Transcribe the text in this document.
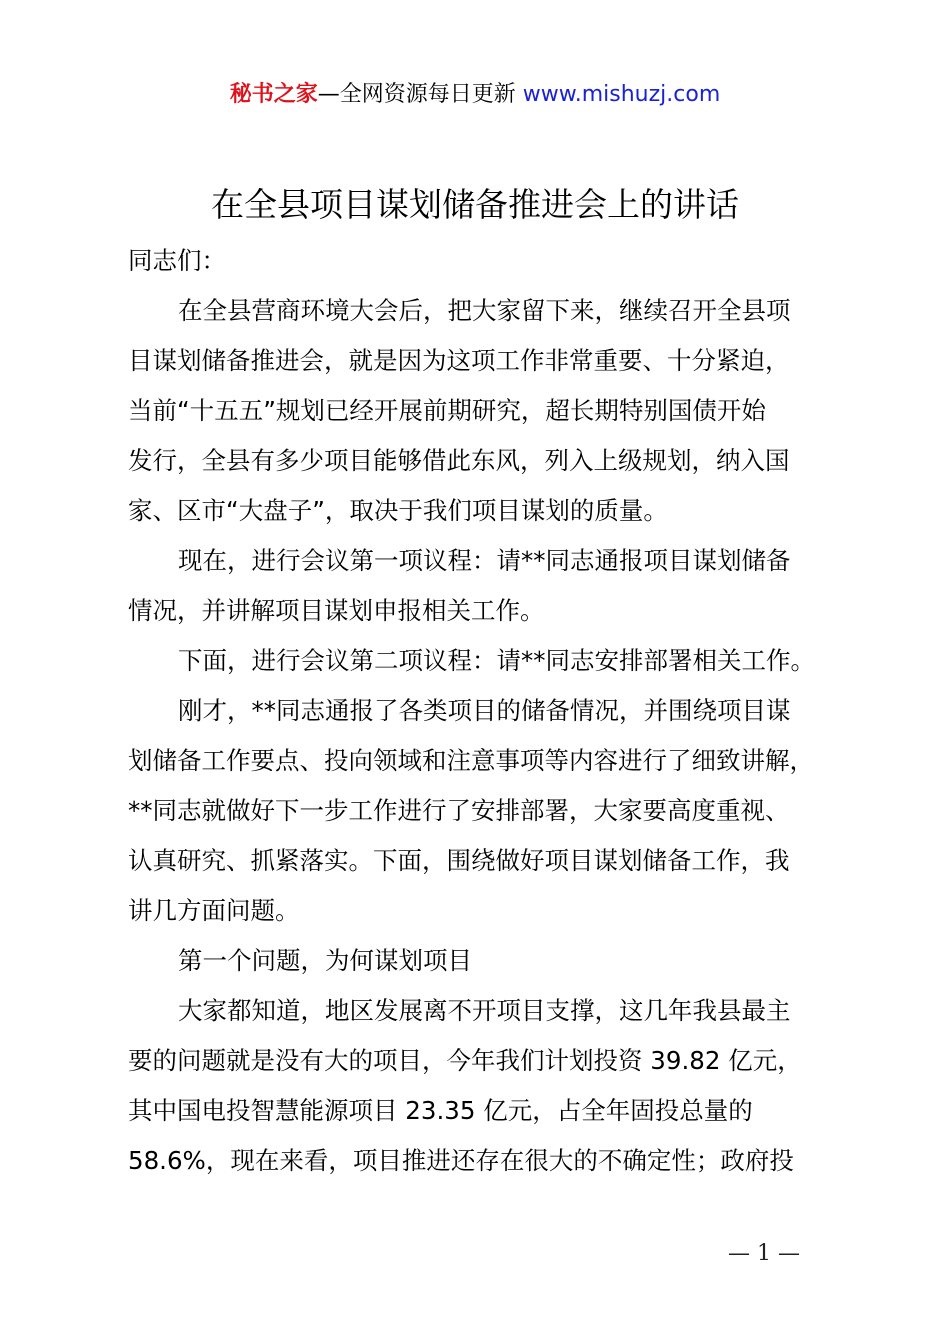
秘书之家—全网资源每日更新 www.mishuzj.com
在全县项目谋划储备推进会上的讲话

同志们：

在全县营商环境大会后，把大家留下来，继续召开全县项

目谋划储备推进会，就是因为这项工作非常重要、十分紧迫，

当前“十五五”规划已经开展前期研究，超长期特别国债开始

发行，全县有多少项目能够借此东风，列入上级规划，纳入国

家、区市“大盘子”，取决于我们项目谋划的质量。

现在，进行会议第一项议程：请**同志通报项目谋划储备

情况，并讲解项目谋划申报相关工作。

下面，进行会议第二项议程：请**同志安排部署相关工作。

刚才，**同志通报了各类项目的储备情况，并围绕项目谋

划储备工作要点、投向领域和注意事项等内容进行了细致讲解，

**同志就做好下一步工作进行了安排部署，大家要高度重视、

认真研究、抓紧落实。下面，围绕做好项目谋划储备工作，我

讲几方面问题。

第一个问题，为何谋划项目

大家都知道，地区发展离不开项目支撑，这几年我县最主

要的问题就是没有大的项目，今年我们计划投资 39.82 亿元，

其中国电投智慧能源项目 23.35 亿元，占全年固投总量的

58.6%，现在来看，项目推进还存在很大的不确定性；政府投

— 1 —
